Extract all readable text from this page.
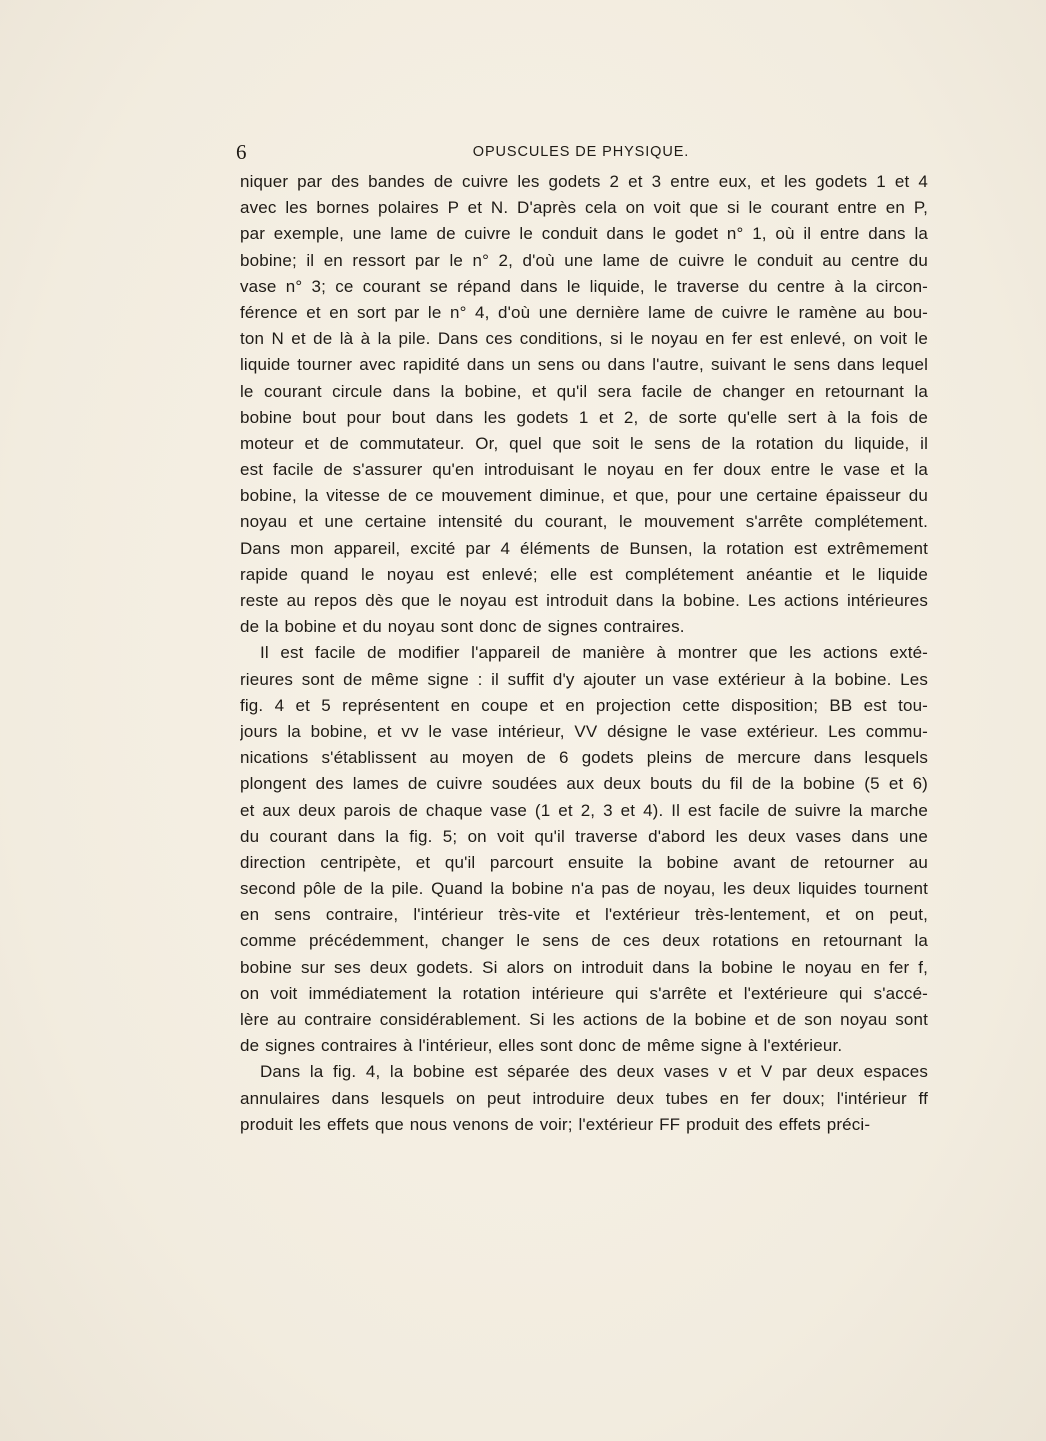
6	OPUSCULES DE PHYSIQUE.
niquer par des bandes de cuivre les godets 2 et 3 entre eux, et les godets 1 et 4
avec les bornes polaires P et N. D'après cela on voit que si le courant entre en P,
par exemple, une lame de cuivre le conduit dans le godet n° 1, où il entre dans la
bobine; il en ressort par le n° 2, d'où une lame de cuivre le conduit au centre du
vase n° 3; ce courant se répand dans le liquide, le traverse du centre à la circon-
férence et en sort par le n° 4, d'où une dernière lame de cuivre le ramène au bou-
ton N et de là à la pile. Dans ces conditions, si le noyau en fer est enlevé, on voit le
liquide tourner avec rapidité dans un sens ou dans l'autre, suivant le sens dans lequel
le courant circule dans la bobine, et qu'il sera facile de changer en retournant la
bobine bout pour bout dans les godets 1 et 2, de sorte qu'elle sert à la fois de
moteur et de commutateur. Or, quel que soit le sens de la rotation du liquide, il
est facile de s'assurer qu'en introduisant le noyau en fer doux entre le vase et la
bobine, la vitesse de ce mouvement diminue, et que, pour une certaine épaisseur du
noyau et une certaine intensité du courant, le mouvement s'arrête complétement.
Dans mon appareil, excité par 4 éléments de Bunsen, la rotation est extrêmement
rapide quand le noyau est enlevé; elle est complétement anéantie et le liquide
reste au repos dès que le noyau est introduit dans la bobine. Les actions intérieures
de la bobine et du noyau sont donc de signes contraires.
Il est facile de modifier l'appareil de manière à montrer que les actions exté-
rieures sont de même signe : il suffit d'y ajouter un vase extérieur à la bobine. Les
fig. 4 et 5 représentent en coupe et en projection cette disposition; BB est tou-
jours la bobine, et vv le vase intérieur, VV désigne le vase extérieur. Les commu-
nications s'établissent au moyen de 6 godets pleins de mercure dans lesquels
plongent des lames de cuivre soudées aux deux bouts du fil de la bobine (5 et 6)
et aux deux parois de chaque vase (1 et 2, 3 et 4). Il est facile de suivre la marche
du courant dans la fig. 5; on voit qu'il traverse d'abord les deux vases dans une
direction centripète, et qu'il parcourt ensuite la bobine avant de retourner au
second pôle de la pile. Quand la bobine n'a pas de noyau, les deux liquides tournent
en sens contraire, l'intérieur très-vite et l'extérieur très-lentement, et on peut,
comme précédemment, changer le sens de ces deux rotations en retournant la
bobine sur ses deux godets. Si alors on introduit dans la bobine le noyau en fer f,
on voit immédiatement la rotation intérieure qui s'arrête et l'extérieure qui s'accé-
lère au contraire considérablement. Si les actions de la bobine et de son noyau sont
de signes contraires à l'intérieur, elles sont donc de même signe à l'extérieur.
Dans la fig. 4, la bobine est séparée des deux vases v et V par deux espaces
annulaires dans lesquels on peut introduire deux tubes en fer doux; l'intérieur ff
produit les effets que nous venons de voir; l'extérieur FF produit des effets préci-
